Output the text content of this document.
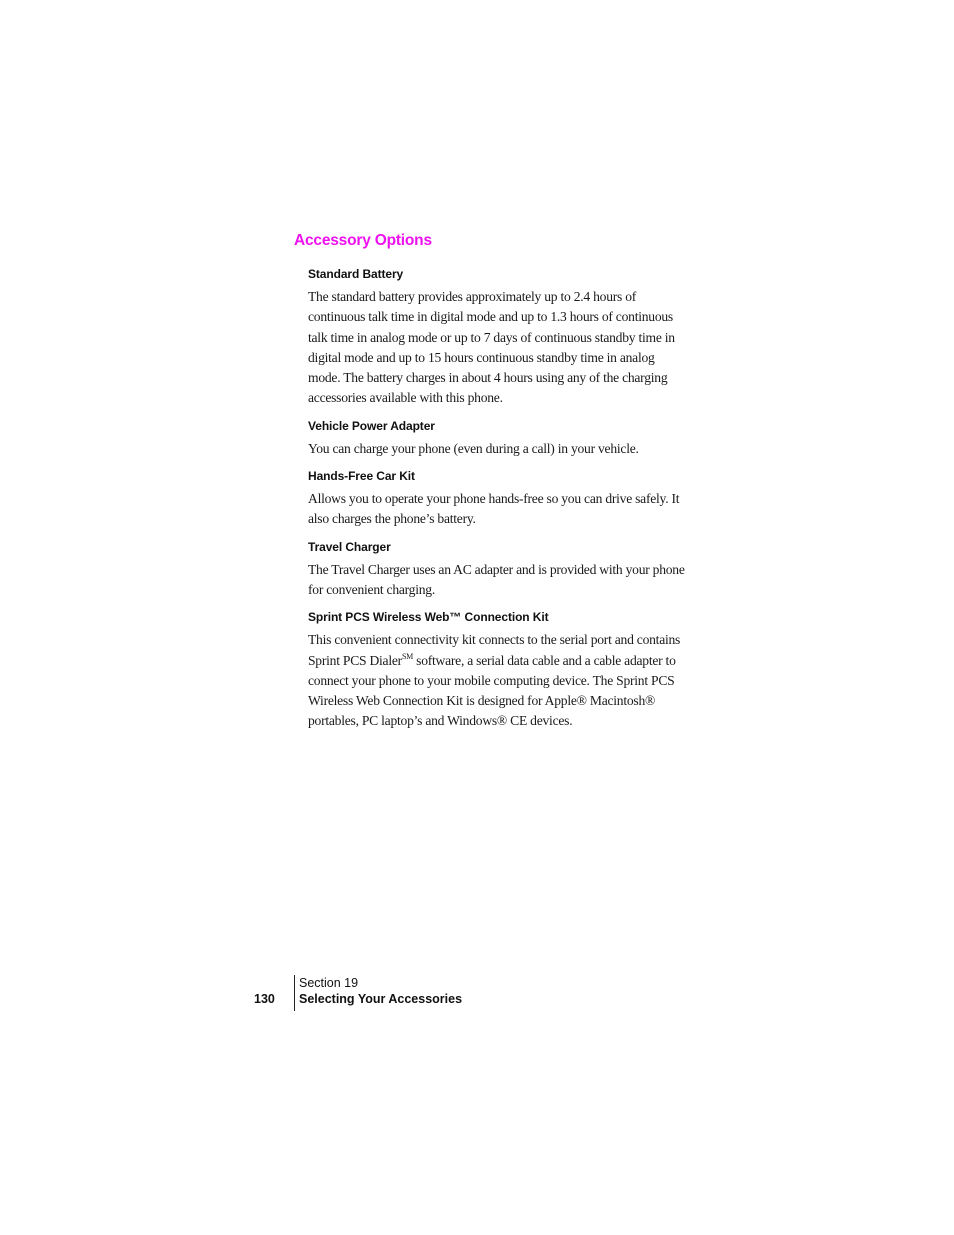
Accessory Options

Standard Battery

The standard battery provides approximately up to 2.4 hours of continuous talk time in digital mode and up to 1.3 hours of continuous talk time in analog mode or up to 7 days of continuous standby time in digital mode and up to 15 hours continuous standby time in analog mode. The battery charges in about 4 hours using any of the charging accessories available with this phone.

Vehicle Power Adapter

You can charge your phone (even during a call) in your vehicle.

Hands-Free Car Kit

Allows you to operate your phone hands-free so you can drive safely. It also charges the phone’s battery.

Travel Charger

The Travel Charger uses an AC adapter and is provided with your phone for convenient charging.

Sprint PCS Wireless Web™ Connection Kit

This convenient connectivity kit connects to the serial port and contains Sprint PCS Dialer℠ software, a serial data cable and a cable adapter to connect your phone to your mobile computing device. The Sprint PCS Wireless Web Connection Kit is designed for Apple® Macintosh® portables, PC laptop’s and Windows® CE devices.

130
Section 19
Selecting Your Accessories
